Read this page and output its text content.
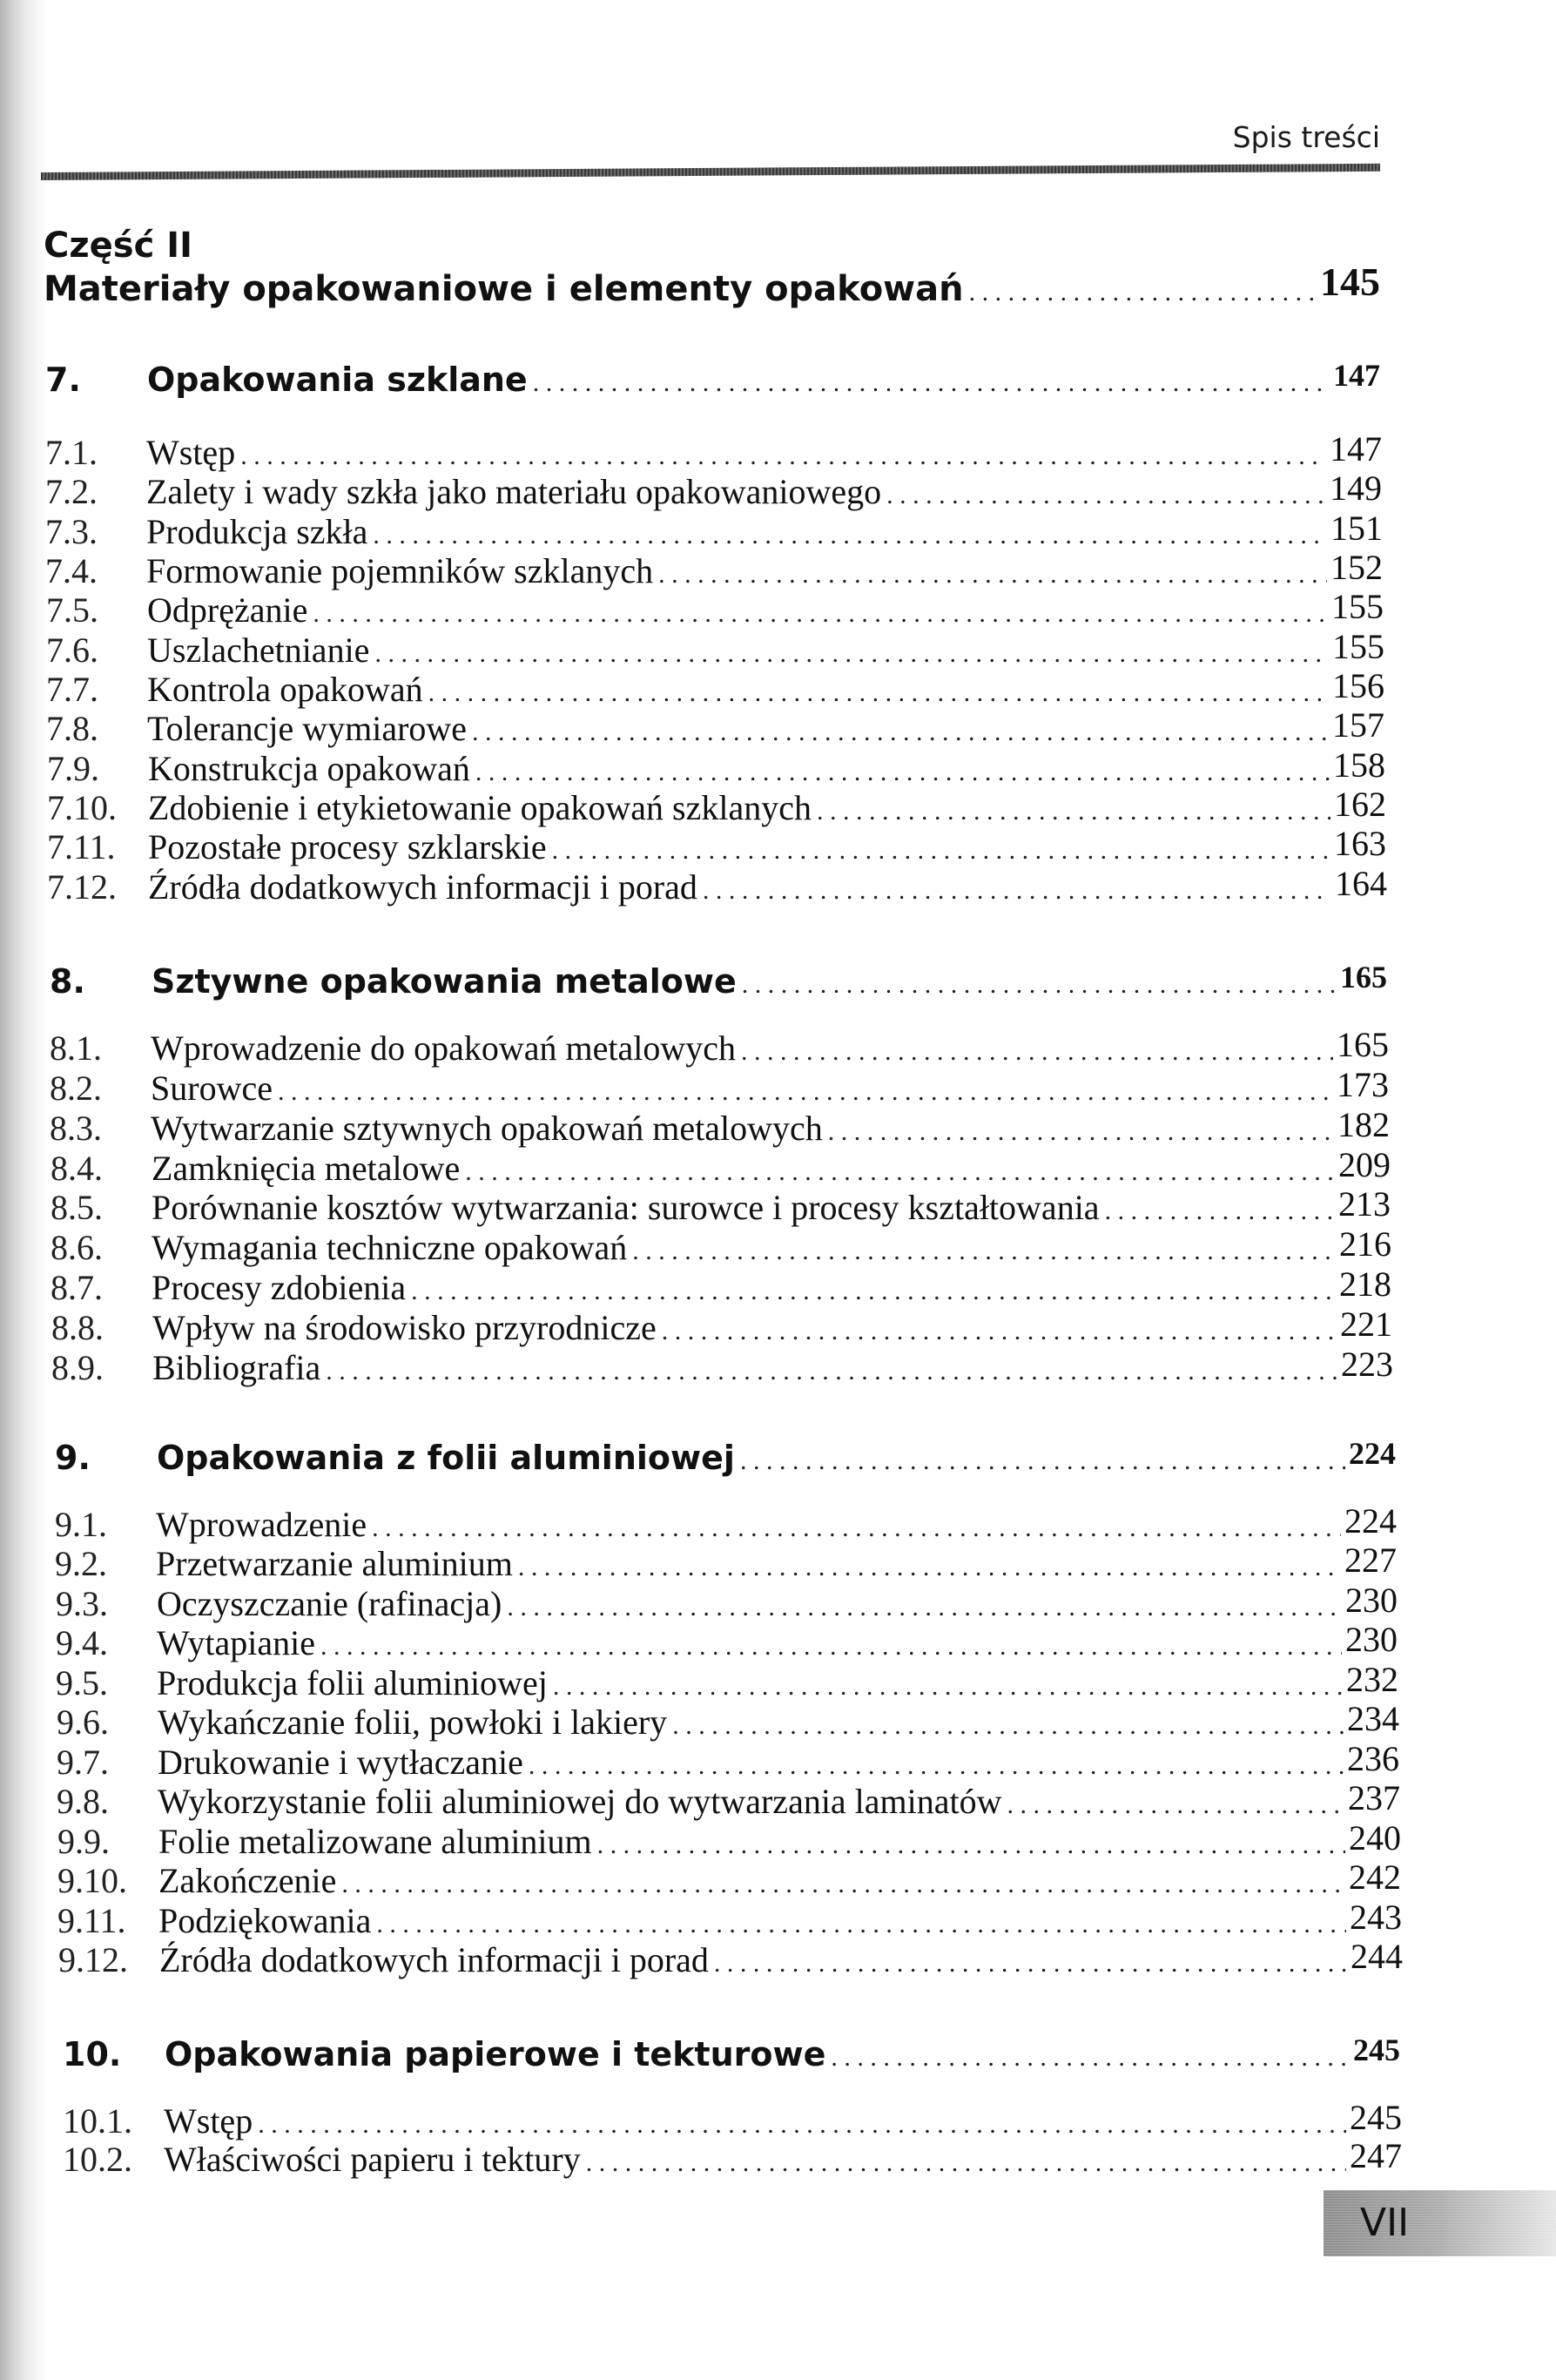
Spis treści
Część II
Materiały opakowaniowe i elementy opakowań . . .	145
7.	Opakowania szklane . . .	147
7.1.	Wstęp . . .	147
7.2.	Zalety i wady szkła jako materiału opakowaniowego . . .	149
7.3.	Produkcja szkła . . .	151
7.4.	Formowanie pojemników szklanych . . .	152
7.5.	Odprężanie . . .	155
7.6.	Uszlachetnianie . . .	155
7.7.	Kontrola opakowań . . .	156
7.8.	Tolerancje wymiarowe . . .	157
7.9.	Konstrukcja opakowań . . .	158
7.10. Zdobienie i etykietowanie opakowań szklanych . . .	162
7.11. Pozostałe procesy szklarskie . . .	163
7.12. Źródła dodatkowych informacji i porad . . .	164
8.	Sztywne opakowania metalowe . . .	165
8.1.	Wprowadzenie do opakowań metalowych . . .	165
8.2.	Surowce . . .	173
8.3.	Wytwarzanie sztywnych opakowań metalowych . . .	182
8.4.	Zamknięcia metalowe . . .	209
8.5.	Porównanie kosztów wytwarzania: surowce i procesy kształtowania . . .	213
8.6.	Wymagania techniczne opakowań . . .	216
8.7.	Procesy zdobienia . . .	218
8.8.	Wpływ na środowisko przyrodnicze . . .	221
8.9.	Bibliografia . . .	223
9.	Opakowania z folii aluminiowej . . .	224
9.1.	Wprowadzenie . . .	224
9.2.	Przetwarzanie aluminium . . .	227
9.3.	Oczyszczanie (rafinacja) . . .	230
9.4.	Wytapianie . . .	230
9.5.	Produkcja folii aluminiowej . . .	232
9.6.	Wykańczanie folii, powłoki i lakiery . . .	234
9.7.	Drukowanie i wytłaczanie . . .	236
9.8.	Wykorzystanie folii aluminiowej do wytwarzania laminatów . . .	237
9.9.	Folie metalizowane aluminium . . .	240
9.10. Zakończenie . . .	242
9.11. Podziękowania . . .	243
9.12. Źródła dodatkowych informacji i porad . . .	244
10.	Opakowania papierowe i tekturowe . . .	245
10.1. Wstęp . . .	245
10.2. Właściwości papieru i tektury . . .	247
VII
